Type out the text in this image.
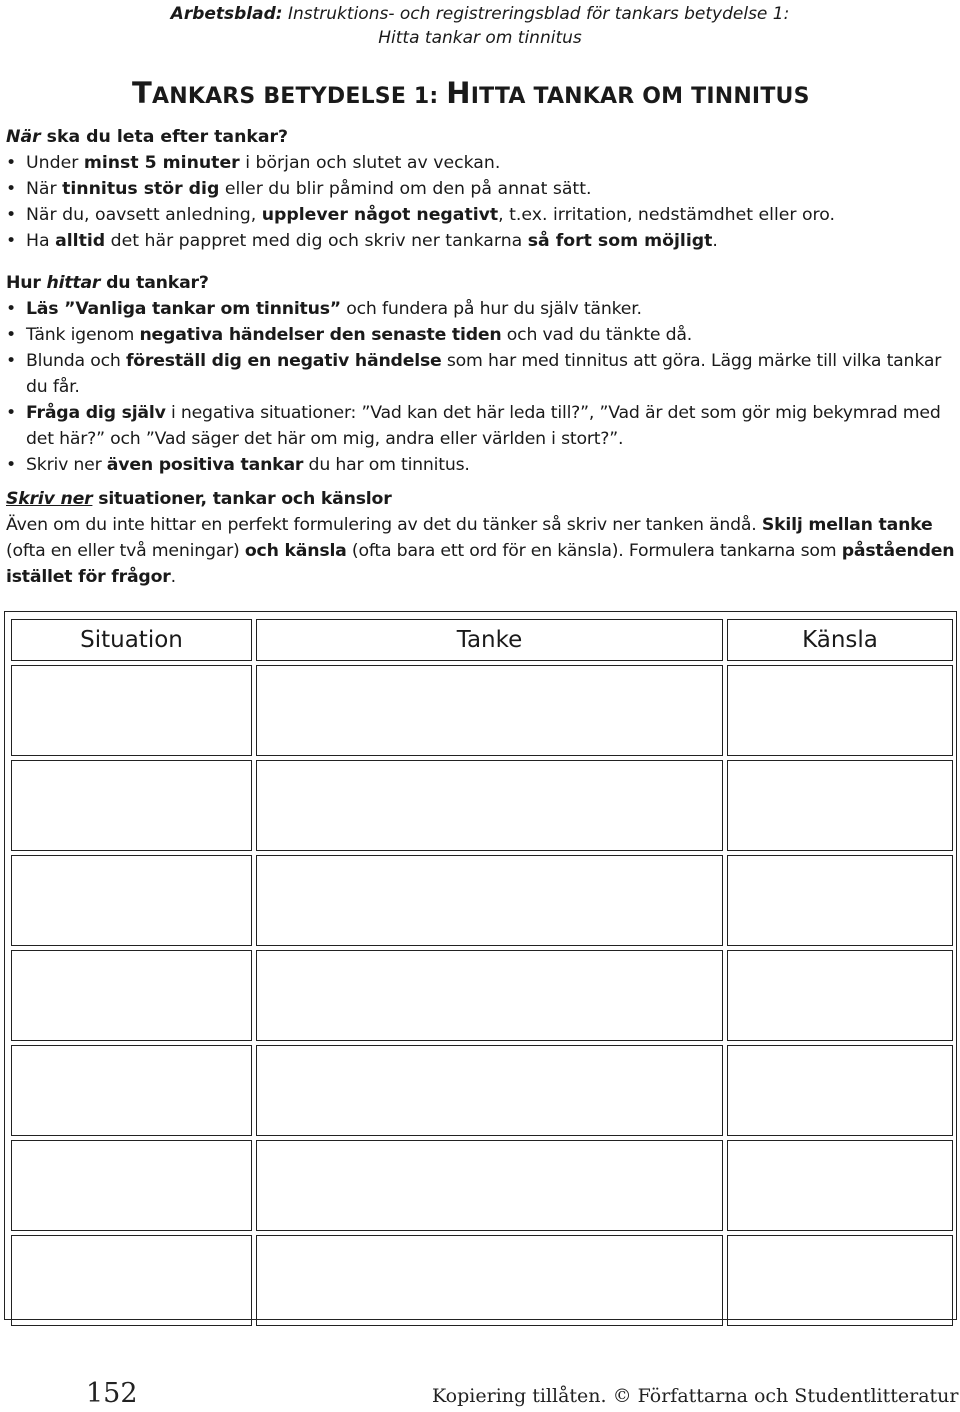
Arbetsblad: Instruktions- och registreringsblad för tankars betydelse 1:
Hitta tankar om tinnitus
TANKARS BETYDELSE 1: HITTA TANKAR OM TINNITUS

När ska du leta efter tankar?

• Under minst 5 minuter i början och slutet av veckan.
• När tinnitus stör dig eller du blir påmind om den på annat sätt.
• När du, oavsett anledning, upplever något negativt, t.ex. irritation, nedstämdhet eller oro.
• Ha alltid det här pappret med dig och skriv ner tankarna så fort som möjligt.

Hur hittar du tankar?

• Läs ”Vanliga tankar om tinnitus” och fundera på hur du själv tänker.
• Tänk igenom negativa händelser den senaste tiden och vad du tänkte då.
• Blunda och föreställ dig en negativ händelse som har med tinnitus att göra. Lägg märke till vilka tankar du får.
• Fråga dig själv i negativa situationer: ”Vad kan det här leda till?”, ”Vad är det som gör mig bekymrad med det här?” och ”Vad säger det här om mig, andra eller världen i stort?”.
• Skriv ner även positiva tankar du har om tinnitus.

Skriv ner situationer, tankar och känslor

Även om du inte hittar en perfekt formulering av det du tänker så skriv ner tanken ändå. Skilj mellan tanke (ofta en eller två meningar) och känsla (ofta bara ett ord för en känsla). Formulera tankarna som påståenden istället för frågor.

Situation	Tanke	Känsla

152	Kopiering tillåten. © Författarna och Studentlitteratur
